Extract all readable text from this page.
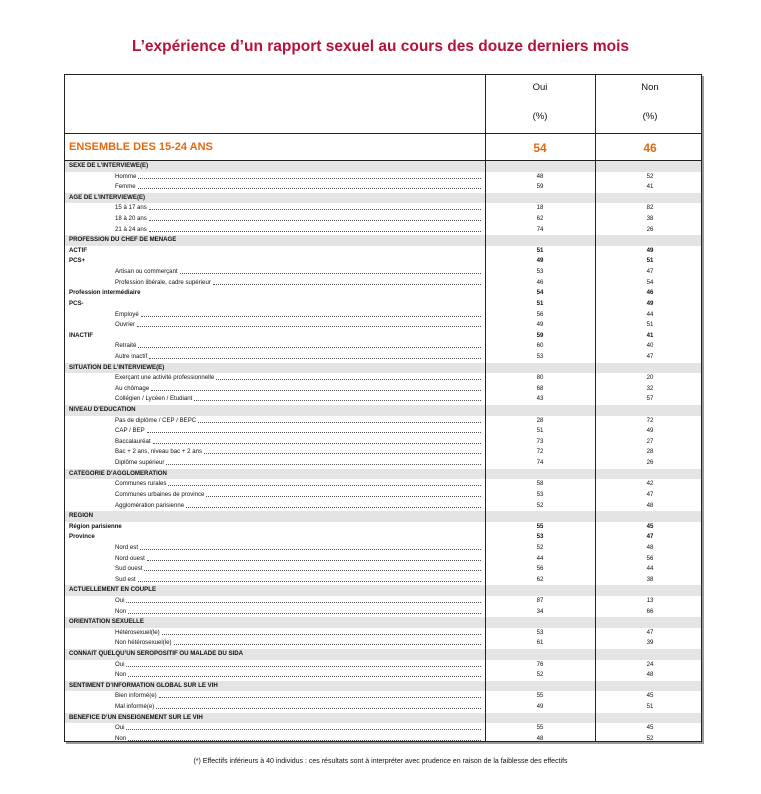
L’expérience d’un rapport sexuel au cours des douze derniers mois
Oui
(%)
Non
(%)
ENSEMBLE DES 15-24 ANS	54	46
SEXE DE L’INTERVIEWE(E)
Homme	48	52
Femme	59	41
AGE DE L’INTERVIEWE(E)
15 à 17 ans	18	82
18 à 20 ans	62	38
21 à 24 ans	74	26
PROFESSION DU CHEF DE MENAGE
ACTIF	51	49
PCS+	49	51
Artisan ou commerçant	53	47
Profession libérale, cadre supérieur	46	54
Profession intermédiaire	54	46
PCS-	51	49
Employé	56	44
Ouvrier	49	51
INACTIF	59	41
Retraité	60	40
Autre inactif	53	47
SITUATION DE L’INTERVIEWE(E)
Exerçant une activité professionnelle	80	20
Au chômage	68	32
Collégien / Lycéen / Etudiant	43	57
NIVEAU D’EDUCATION
Pas de diplôme / CEP / BEPC	28	72
CAP / BEP	51	49
Baccalauréat	73	27
Bac + 2 ans, niveau bac + 2 ans	72	28
Diplôme supérieur	74	26
CATEGORIE D’AGGLOMERATION
Communes rurales	58	42
Communes urbaines de province	53	47
Agglomération parisienne	52	48
REGION
Région parisienne	55	45
Province	53	47
Nord est	52	48
Nord ouest	44	56
Sud ouest	56	44
Sud est	62	38
ACTUELLEMENT EN COUPLE
Oui	87	13
Non	34	66
ORIENTATION SEXUELLE
Hétérosexuel(le)	53	47
Non hétérosexuel(le)	61	39
CONNAIT QUELQU’UN SEROPOSITIF OU MALADE DU SIDA
Oui	76	24
Non	52	48
SENTIMENT D’INFORMATION GLOBAL SUR LE VIH
Bien informé(e)	55	45
Mal informé(e)	49	51
BENEFICE D’UN ENSEIGNEMENT SUR LE VIH
Oui	55	45
Non	48	52
(*) Effectifs inférieurs à 40 individus : ces résultats sont à interpréter avec prudence en raison de la faiblesse des effectifs
